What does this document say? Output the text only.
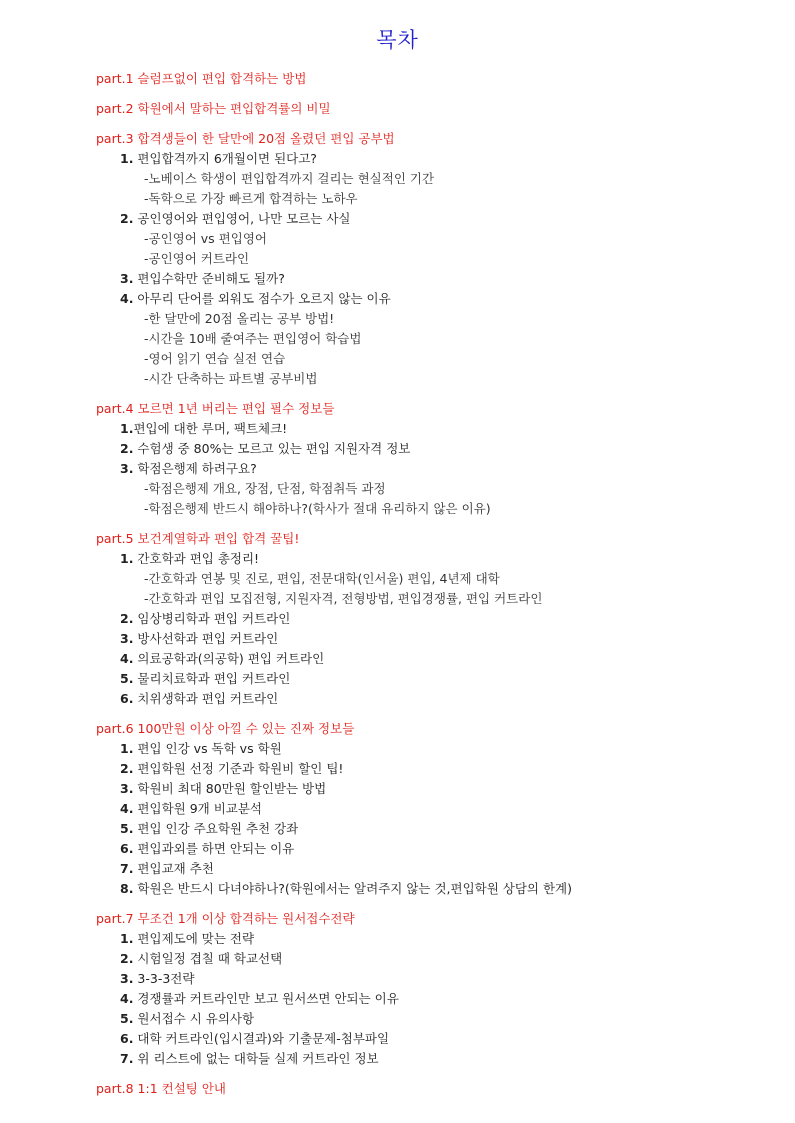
목차
part.1 슬럼프없이 편입 합격하는 방법
part.2 학원에서 말하는 편입합격률의 비밀
part.3 합격생들이 한 달만에 20점 올렸던 편입 공부법
1. 편입합격까지 6개월이면 된다고?
-노베이스 학생이 편입합격까지 걸리는 현실적인 기간
-독학으로 가장 빠르게 합격하는 노하우
2. 공인영어와 편입영어, 나만 모르는 사실
-공인영어 vs 편입영어
-공인영어 커트라인
3. 편입수학만 준비해도 될까?
4. 아무리 단어를 외워도 점수가 오르지 않는 이유
-한 달만에 20점 올리는 공부 방법!
-시간을 10배 줄여주는 편입영어 학습법
-영어 읽기 연습 실전 연습
-시간 단축하는 파트별 공부비법
part.4 모르면 1년 버리는 편입 필수 정보들
1.편입에 대한 루머, 팩트체크!
2. 수험생 중 80%는 모르고 있는 편입 지원자격 정보
3. 학점은행제 하려구요?
-학점은행제 개요, 장점, 단점, 학점취득 과정
-학점은행제 반드시 해야하나?(학사가 절대 유리하지 않은 이유)
part.5 보건계열학과 편입 합격 꿀팁!
1. 간호학과 편입 총정리!
-간호학과 연봉 및 진로, 편입, 전문대학(인서울) 편입, 4년제 대학
-간호학과 편입 모집전형, 지원자격, 전형방법, 편입경쟁률, 편입 커트라인
2. 임상병리학과 편입 커트라인
3. 방사선학과 편입 커트라인
4. 의료공학과(의공학) 편입 커트라인
5. 물리치료학과 편입 커트라인
6. 치위생학과 편입 커트라인
part.6 100만원 이상 아낄 수 있는 진짜 정보들
1. 편입 인강 vs 독학 vs 학원
2. 편입학원 선정 기준과 학원비 할인 팁!
3. 학원비 최대 80만원 할인받는 방법
4. 편입학원 9개 비교분석
5. 편입 인강 주요학원 추천 강좌
6. 편입과외를 하면 안되는 이유
7. 편입교재 추천
8. 학원은 반드시 다녀야하나?(학원에서는 알려주지 않는 것,편입학원 상담의 한계)
part.7 무조건 1개 이상 합격하는 원서접수전략
1. 편입제도에 맞는 전략
2. 시험일정 겹칠 때 학교선택
3. 3-3-3전략
4. 경쟁률과 커트라인만 보고 원서쓰면 안되는 이유
5. 원서접수 시 유의사항
6. 대학 커트라인(입시결과)와 기출문제-첨부파일
7. 위 리스트에 없는 대학들 실제 커트라인 정보
part.8 1:1 컨설팅 안내
